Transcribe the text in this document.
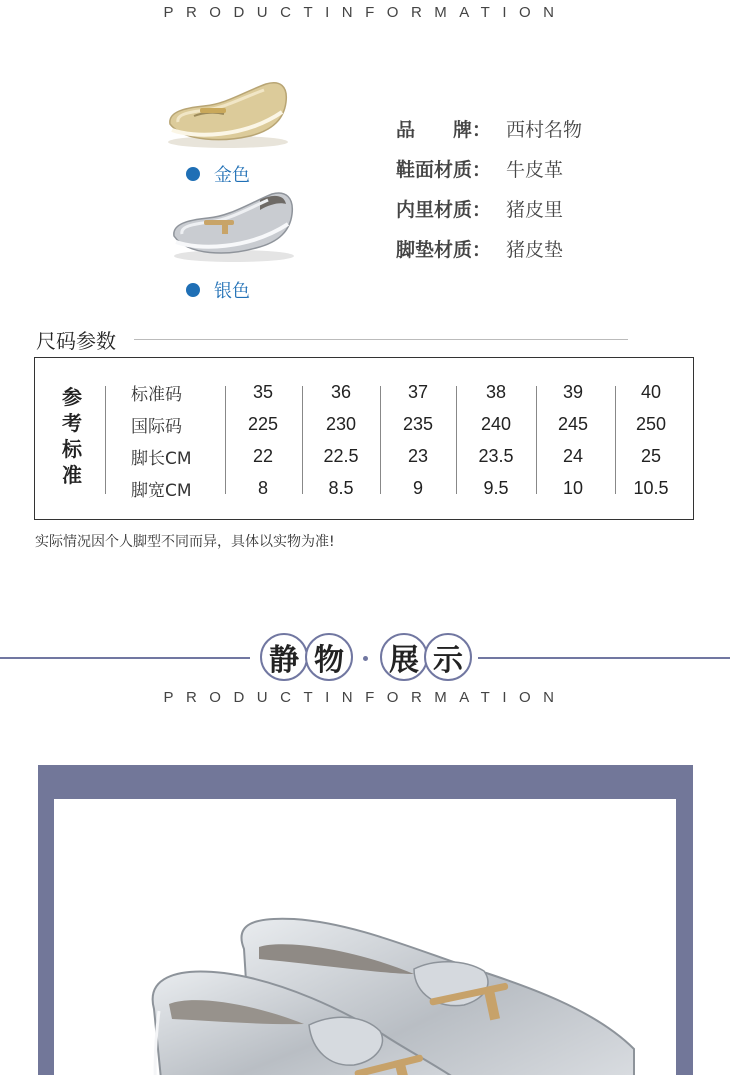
PRODUCTINFORMATION
金色
银色
品　　牌： 西村名物
鞋面材质： 牛皮革
内里材质： 猪皮里
脚垫材质： 猪皮垫
尺码参数
参
考
标
准
标准码	35	36	37	38	39	40
国际码	225	230	235	240	245	250
脚长CM	22	22.5	23	23.5	24	25
脚宽CM	8	8.5	9	9.5	10	10.5
实际情况因个人脚型不同而异，具体以实物为准!
静 物	展 示
PRODUCTINFORMATION
